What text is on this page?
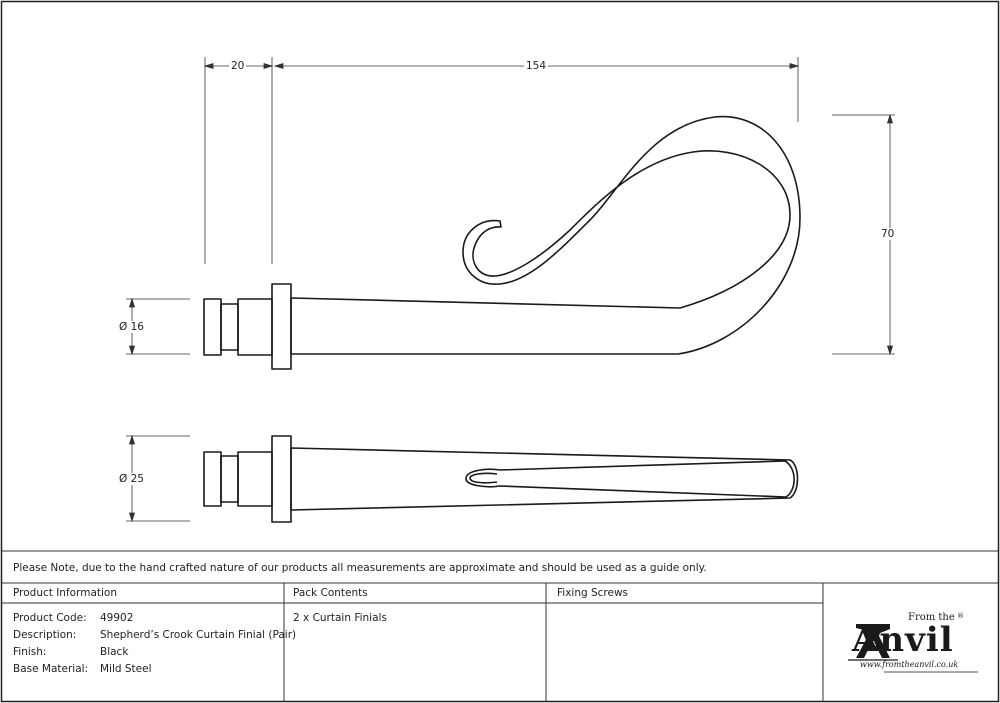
20	154
70
Ø 16
Ø 25
Please Note, due to the hand crafted nature of our products all measurements are approximate and should be used as a guide only.
Product Information	Pack Contents	Fixing Screws
Product Code: 49902
Description: Shepherd’s Crook Curtain Finial (Pair)
Finish:	Black
Base Material: Mild Steel
2 x Curtain Finials	From the ®
Anvil
www.fromtheanvil.co.uk
